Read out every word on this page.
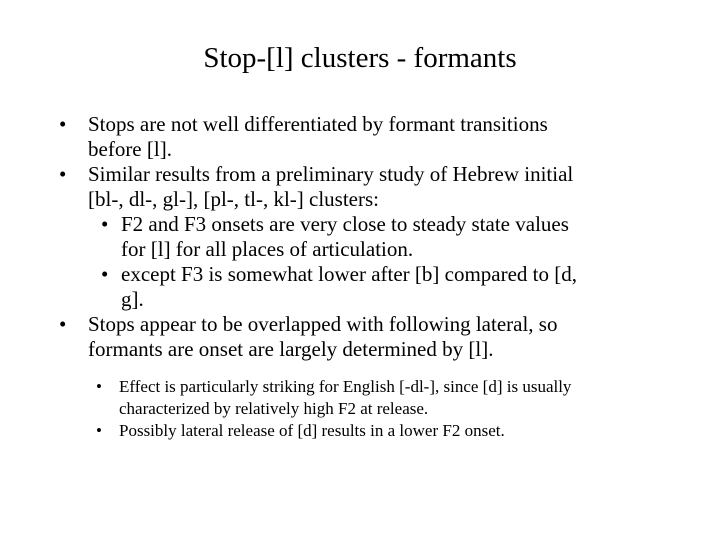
Stop-[l] clusters - formants
• Stops are not well differentiated by formant transitions
before [l].
• Similar results from a preliminary study of Hebrew initial
[bl-, dl-, gl-], [pl-, tl-, kl-] clusters:
• F2 and F3 onsets are very close to steady state values
for [l] for all places of articulation.
• except F3 is somewhat lower after [b] compared to [d,
g].
• Stops appear to be overlapped with following lateral, so
formants are onset are largely determined by [l].
• Effect is particularly striking for English [-dl-], since [d] is usually
characterized by relatively high F2 at release.
• Possibly lateral release of [d] results in a lower F2 onset.
